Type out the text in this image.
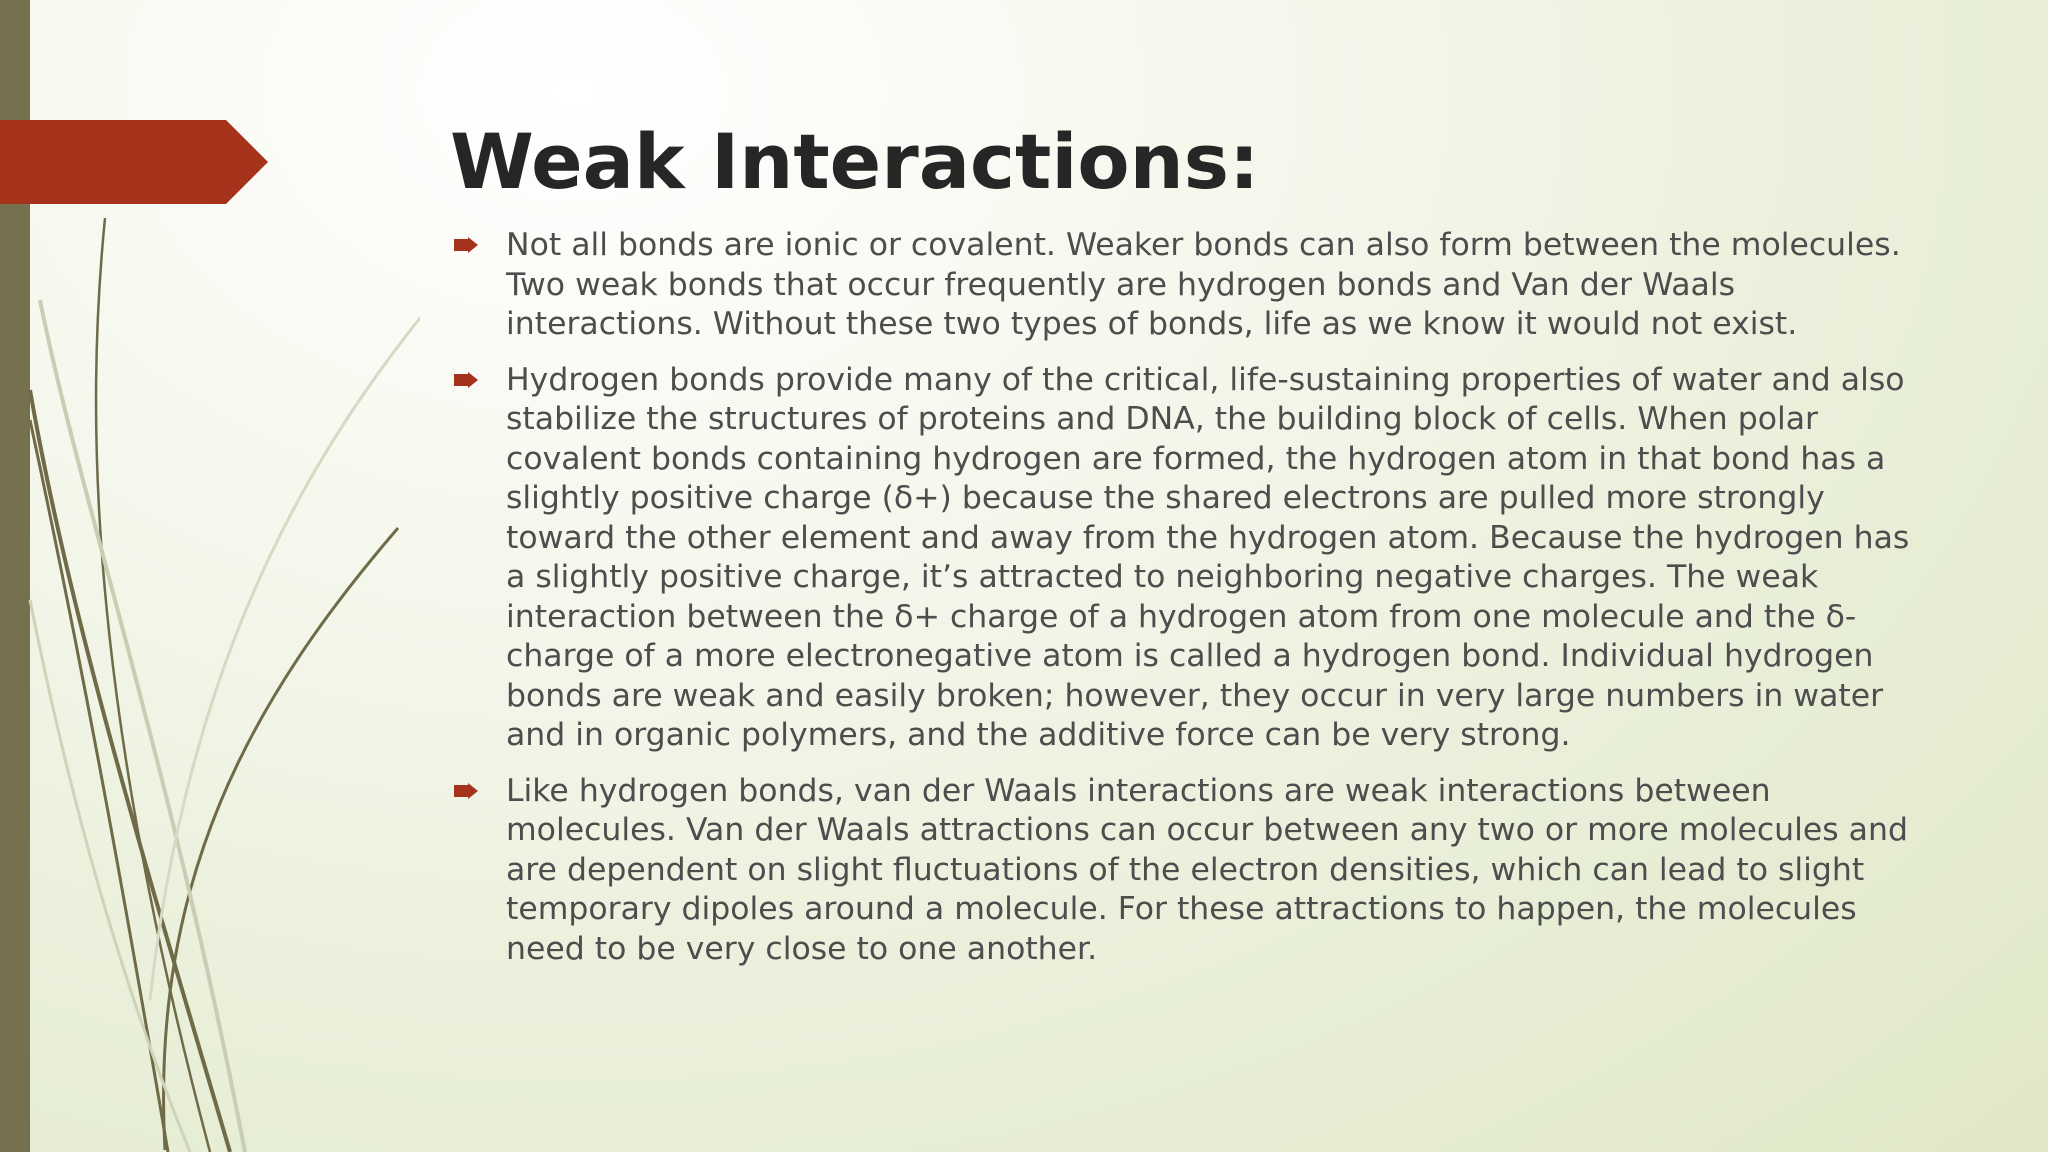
Weak Interactions:
Not all bonds are ionic or covalent. Weaker bonds can also form between the molecules. Two weak bonds that occur frequently are hydrogen bonds and Van der Waals interactions. Without these two types of bonds, life as we know it would not exist.
Hydrogen bonds provide many of the critical, life-sustaining properties of water and also stabilize the structures of proteins and DNA, the building block of cells. When polar covalent bonds containing hydrogen are formed, the hydrogen atom in that bond has a slightly positive charge (δ+) because the shared electrons are pulled more strongly toward the other element and away from the hydrogen atom. Because the hydrogen has a slightly positive charge, it’s attracted to neighboring negative charges. The weak interaction between the δ+ charge of a hydrogen atom from one molecule and the δ- charge of a more electronegative atom is called a hydrogen bond. Individual hydrogen bonds are weak and easily broken; however, they occur in very large numbers in water and in organic polymers, and the additive force can be very strong.
Like hydrogen bonds, van der Waals interactions are weak interactions between molecules. Van der Waals attractions can occur between any two or more molecules and are dependent on slight fluctuations of the electron densities, which can lead to slight temporary dipoles around a molecule. For these attractions to happen, the molecules need to be very close to one another.
